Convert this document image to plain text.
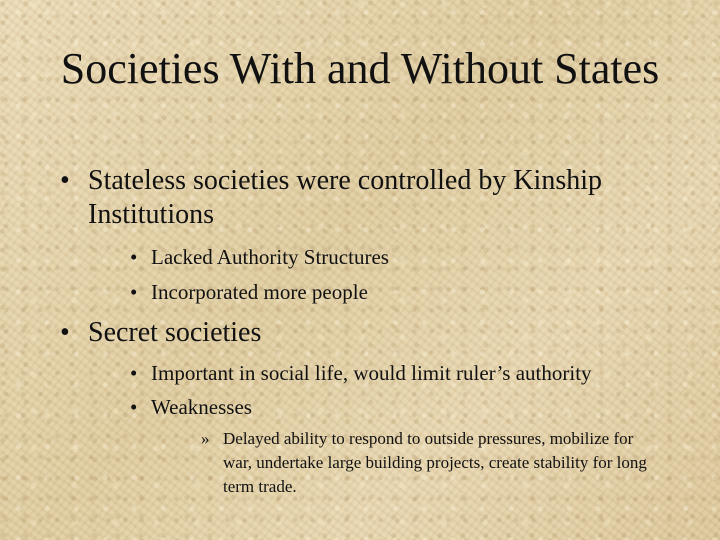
Societies With and Without States

• Stateless societies were controlled by Kinship Institutions

• Lacked Authority Structures

• Incorporated more people

• Secret societies

• Important in social life, would limit ruler’s authority

• Weaknesses

» Delayed ability to respond to outside pressures, mobilize for war, undertake large building projects, create stability for long term trade.
